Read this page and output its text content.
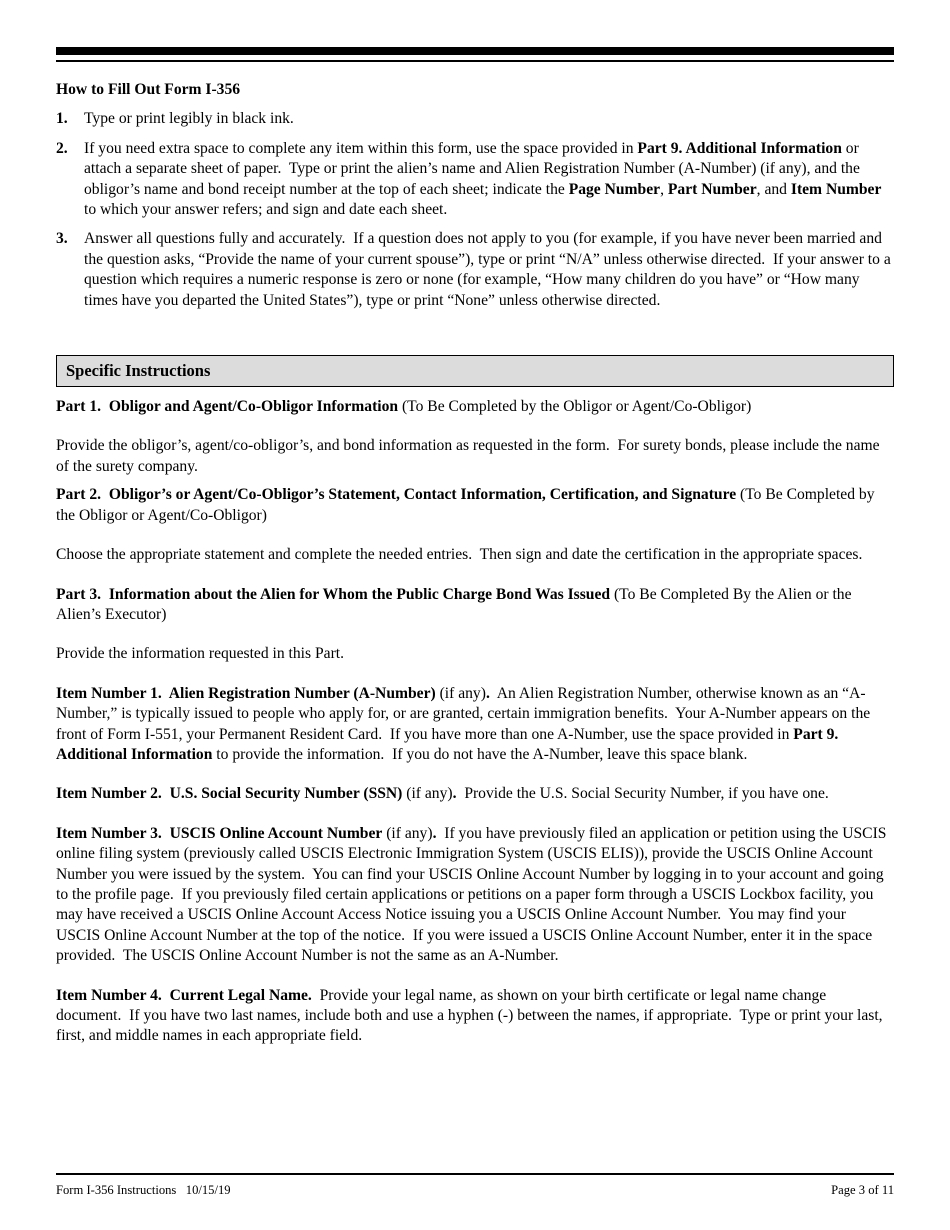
How to Fill Out Form I-356
1.	Type or print legibly in black ink.
2.	If you need extra space to complete any item within this form, use the space provided in Part 9. Additional Information or attach a separate sheet of paper.  Type or print the alien’s name and Alien Registration Number (A-Number) (if any), and the obligor’s name and bond receipt number at the top of each sheet; indicate the Page Number, Part Number, and Item Number to which your answer refers; and sign and date each sheet.
3.	Answer all questions fully and accurately.  If a question does not apply to you (for example, if you have never been married and the question asks, “Provide the name of your current spouse”), type or print “N/A” unless otherwise directed.  If your answer to a question which requires a numeric response is zero or none (for example, “How many children do you have” or “How many times have you departed the United States”), type or print “None” unless otherwise directed.
Specific Instructions

Part 1.  Obligor and Agent/Co-Obligor Information (To Be Completed by the Obligor or Agent/Co-Obligor)

Provide the obligor’s, agent/co-obligor’s, and bond information as requested in the form.  For surety bonds, please include the name of the surety company.

Part 2.  Obligor’s or Agent/Co-Obligor’s Statement, Contact Information, Certification, and Signature (To Be Completed by the Obligor or Agent/Co-Obligor)

Choose the appropriate statement and complete the needed entries.  Then sign and date the certification in the appropriate spaces.

Part 3.  Information about the Alien for Whom the Public Charge Bond Was Issued (To Be Completed By the Alien or the Alien’s Executor)

Provide the information requested in this Part.

Item Number 1.  Alien Registration Number (A-Number) (if any).  An Alien Registration Number, otherwise known as an “A-Number,” is typically issued to people who apply for, or are granted, certain immigration benefits.  Your A-Number appears on the front of Form I-551, your Permanent Resident Card.  If you have more than one A-Number, use the space provided in Part 9. Additional Information to provide the information.  If you do not have the A-Number, leave this space blank.

Item Number 2.  U.S. Social Security Number (SSN) (if any).  Provide the U.S. Social Security Number, if you have one.

Item Number 3.  USCIS Online Account Number (if any).  If you have previously filed an application or petition using the USCIS online filing system (previously called USCIS Electronic Immigration System (USCIS ELIS)), provide the USCIS Online Account Number you were issued by the system.  You can find your USCIS Online Account Number by logging in to your account and going to the profile page.  If you previously filed certain applications or petitions on a paper form through a USCIS Lockbox facility, you may have received a USCIS Online Account Access Notice issuing you a USCIS Online Account Number.  You may find your USCIS Online Account Number at the top of the notice.  If you were issued a USCIS Online Account Number, enter it in the space provided.  The USCIS Online Account Number is not the same as an A-Number.

Item Number 4.  Current Legal Name.  Provide your legal name, as shown on your birth certificate or legal name change document.  If you have two last names, include both and use a hyphen (-) between the names, if appropriate.  Type or print your last, first, and middle names in each appropriate field.

Form I-356 Instructions   10/15/19	Page 3 of 11
